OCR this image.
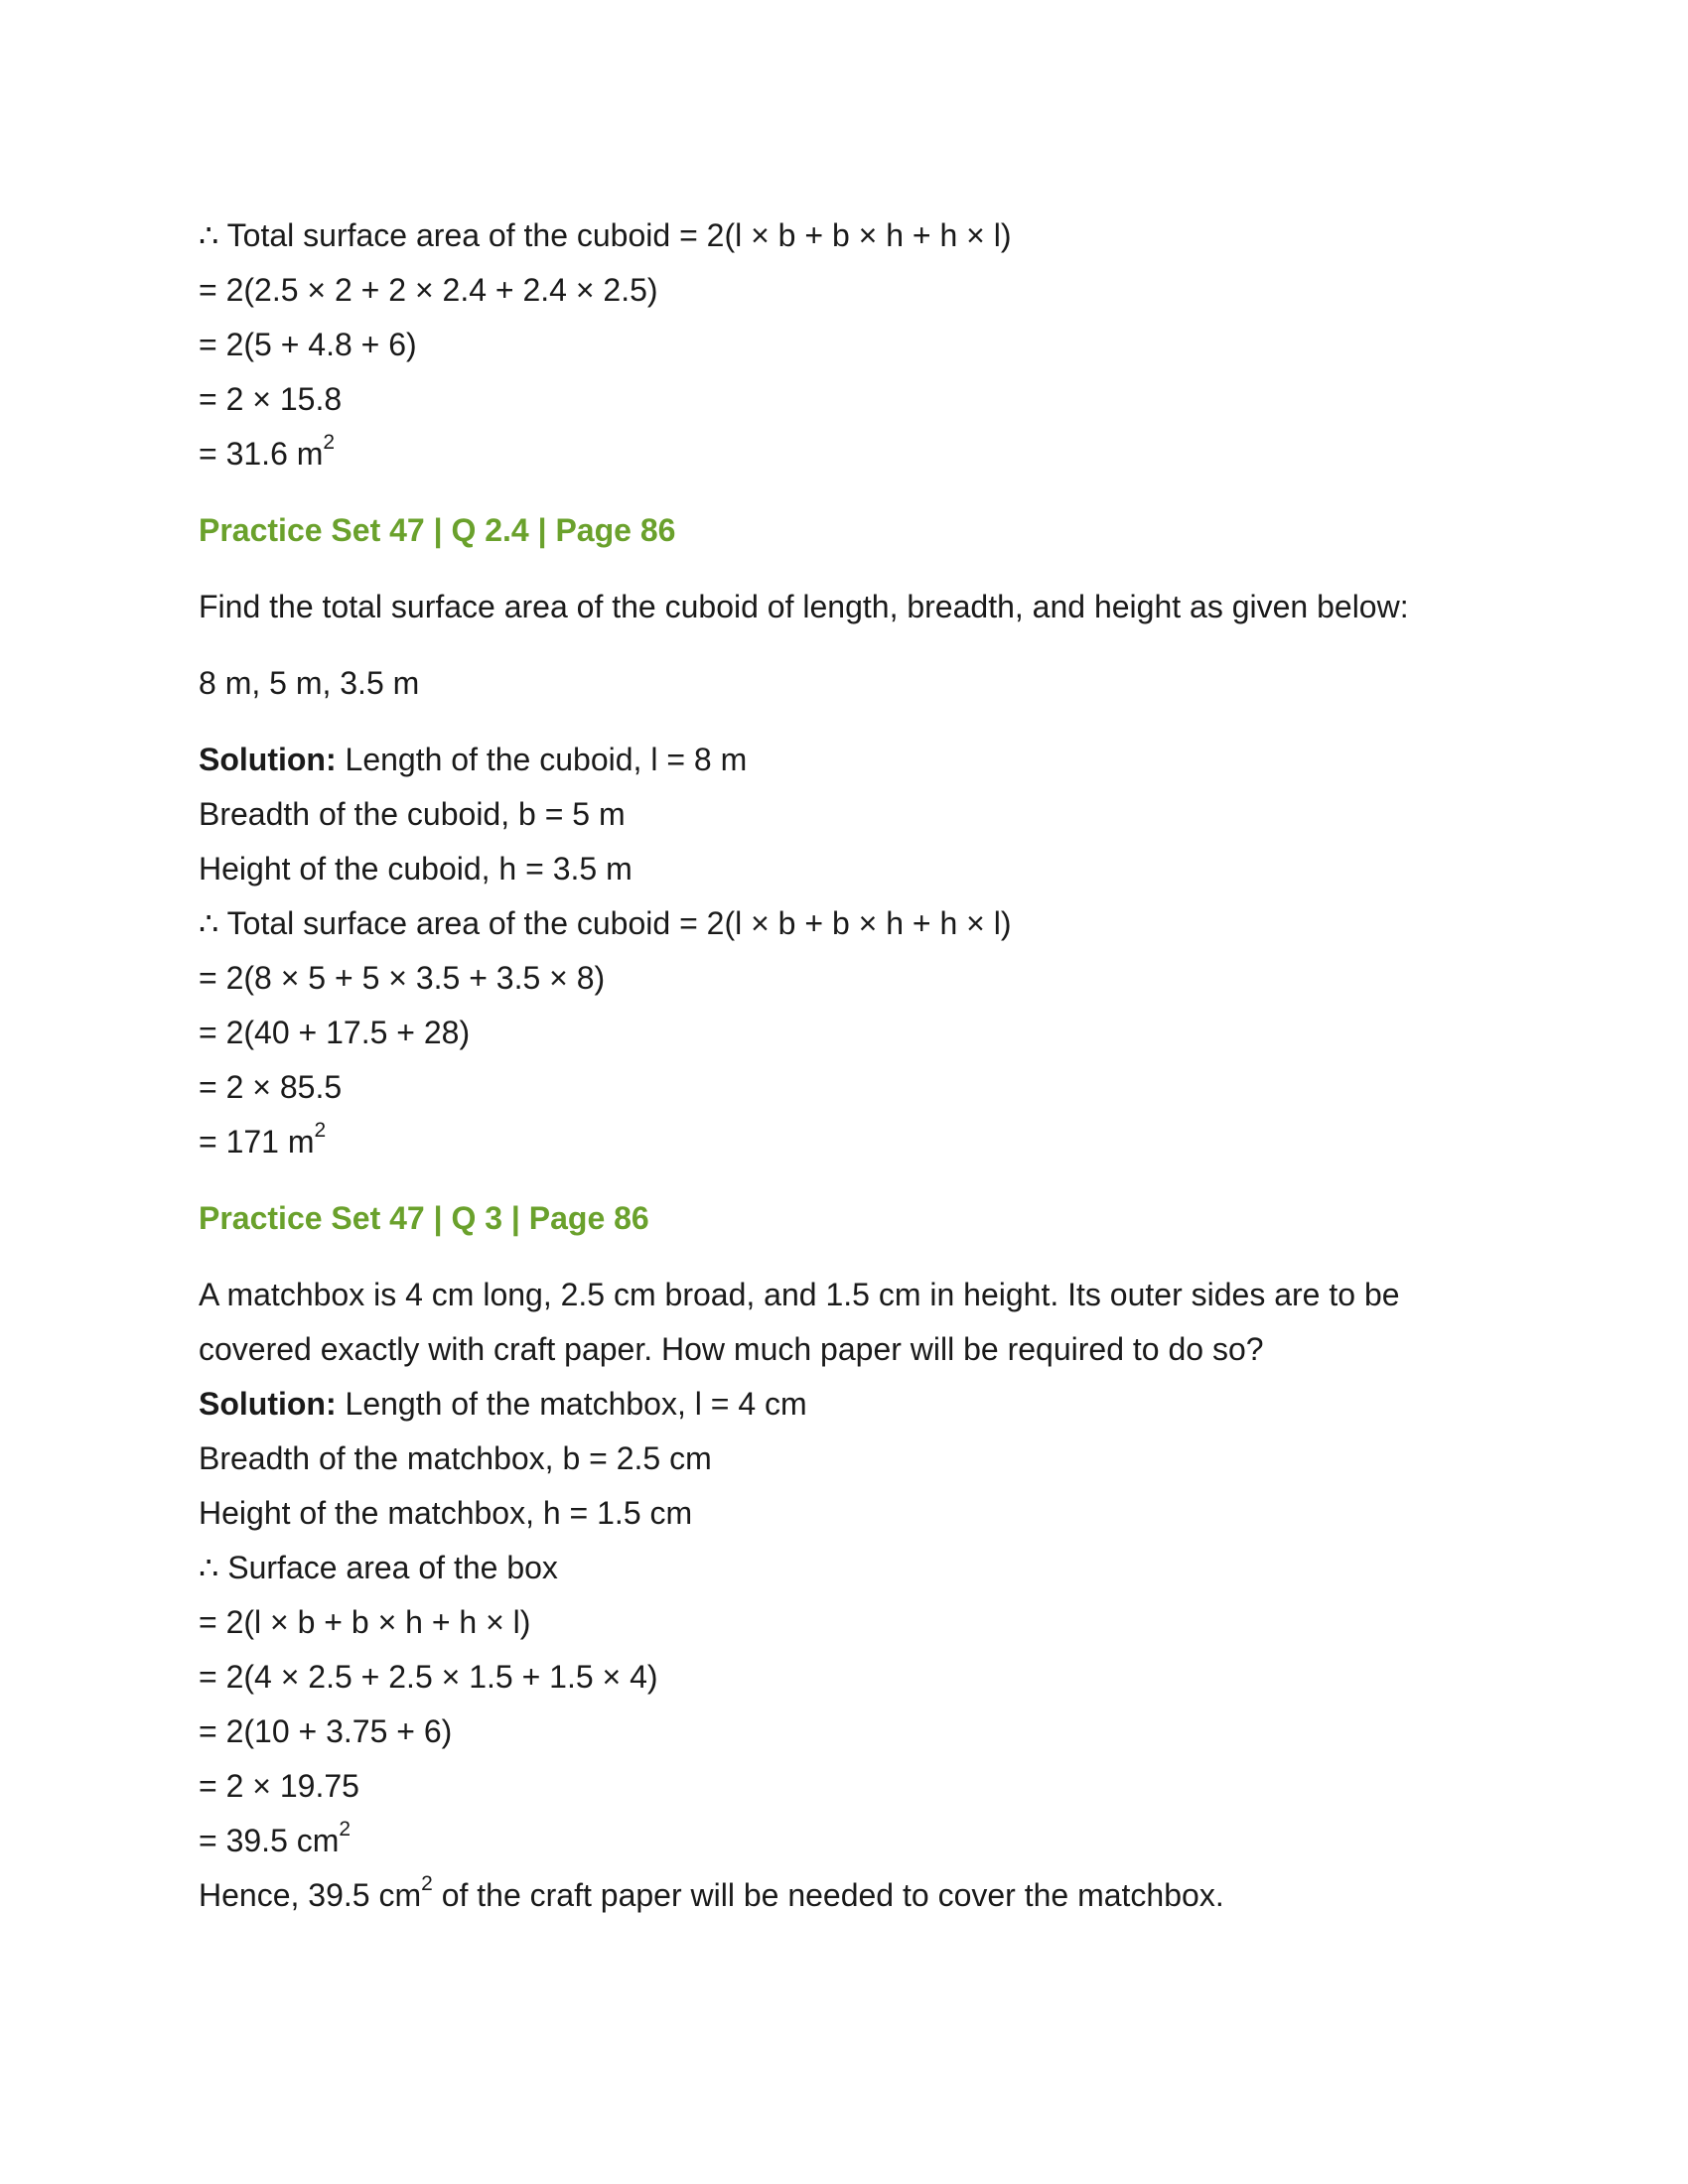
∴ Total surface area of the cuboid = 2(l × b + b × h + h × l)
= 2(2.5 × 2 + 2 × 2.4 + 2.4 × 2.5)
= 2(5 + 4.8 + 6)
= 2 × 15.8
= 31.6 $m^2$
Practice Set 47 | Q 2.4 | Page 86

Find the total surface area of the cuboid of length, breadth, and height as given below:

8 m, 5 m, 3.5 m

Solution: Length of the cuboid, l = 8 m

Breadth of the cuboid, b = 5 m
Height of the cuboid, h = 3.5 m
∴ Total surface area of the cuboid = 2(l × b + b × h + h × l)
= 2(8 × 5 + 5 × 3.5 + 3.5 × 8)
= 2(40 + 17.5 + 28)
= 2 × 85.5
= 171 $m^2$
Practice Set 47 | Q 3 | Page 86

A matchbox is 4 cm long, 2.5 cm broad, and 1.5 cm in height. Its outer sides are to be covered exactly with craft paper. How much paper will be required to do so?

Solution: Length of the matchbox, l = 4 cm

Breadth of the matchbox, b = 2.5 cm
Height of the matchbox, h = 1.5 cm
∴ Surface area of the box
= 2(l × b + b × h + h × l)
= 2(4 × 2.5 + 2.5 × 1.5 + 1.5 × 4)
= 2(10 + 3.75 + 6)
= 2 × 19.75
= 39.5 $cm^2$

Hence, 39.5 $cm^2$ of the craft paper will be needed to cover the matchbox.
